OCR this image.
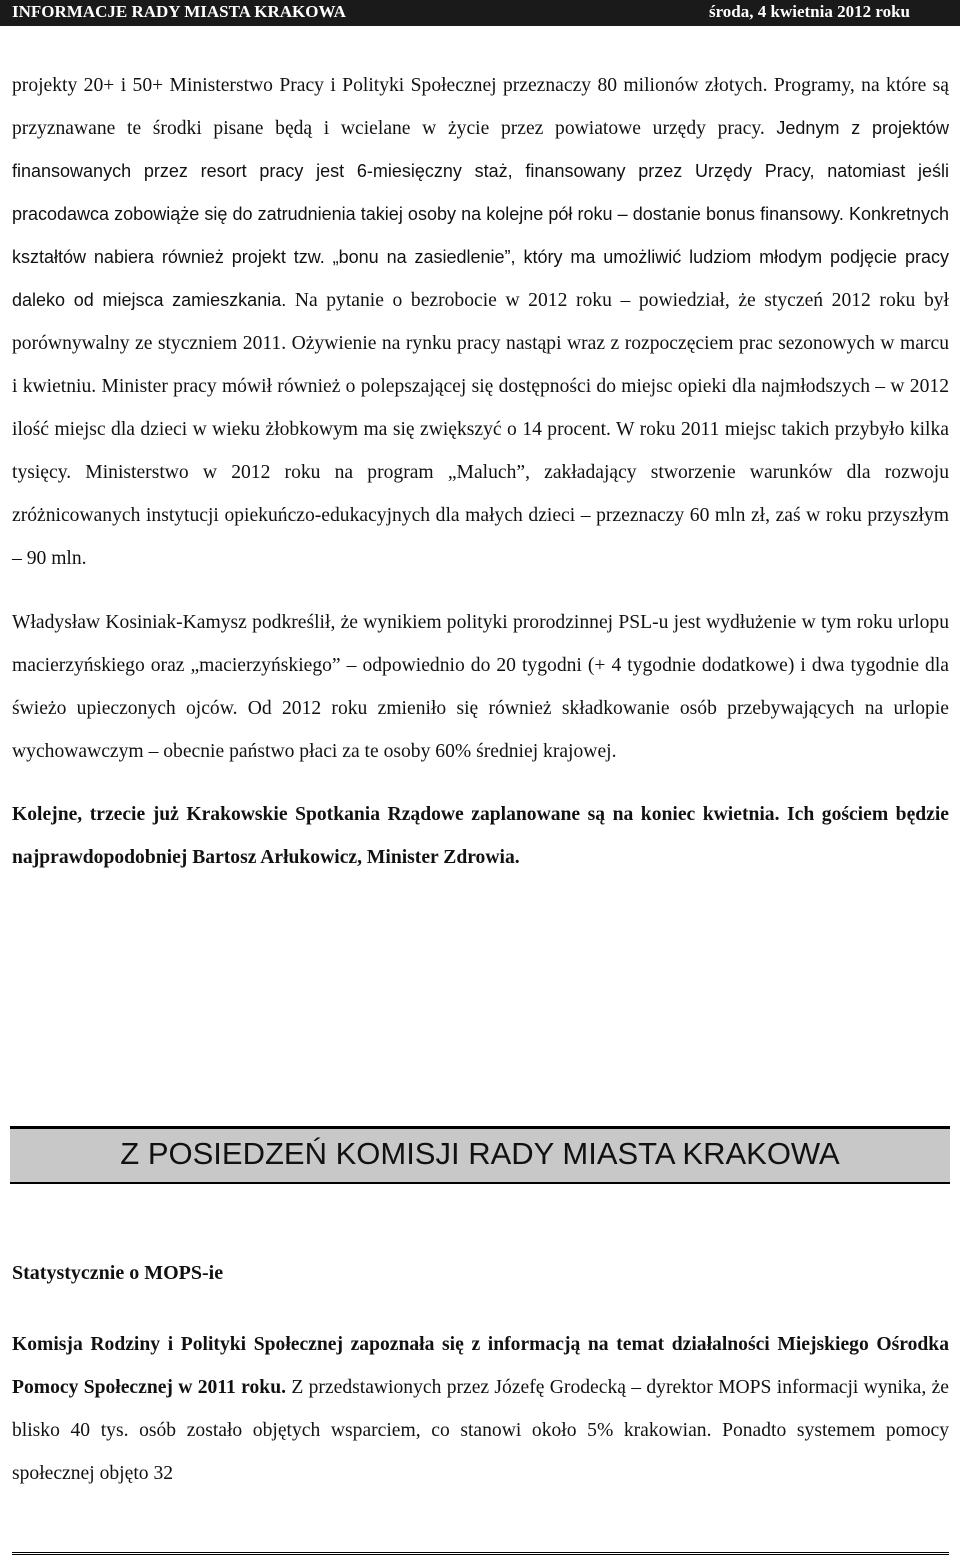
INFORMACJE RADY MIASTA KRAKOWA	środa, 4 kwietnia 2012 roku

projekty 20+ i 50+ Ministerstwo Pracy i Polityki Społecznej przeznaczy 80 milionów złotych. Programy, na które są przyznawane te środki pisane będą i wcielane w życie przez powiatowe urzędy pracy. Jednym z projektów finansowanych przez resort pracy jest 6-miesięczny staż, finansowany przez Urzędy Pracy, natomiast jeśli pracodawca zobowiąże się do zatrudnienia takiej osoby na kolejne pół roku – dostanie bonus finansowy. Konkretnych kształtów nabiera również projekt tzw. „bonu na zasiedlenie”, który ma umożliwić ludziom młodym podjęcie pracy daleko od miejsca zamieszkania. Na pytanie o bezrobocie w 2012 roku – powiedział, że styczeń 2012 roku był porównywalny ze styczniem 2011. Ożywienie na rynku pracy nastąpi wraz z rozpoczęciem prac sezonowych w marcu i kwietniu. Minister pracy mówił również o polepszającej się dostępności do miejsc opieki dla najmłodszych – w 2012 ilość miejsc dla dzieci w wieku żłobkowym ma się zwiększyć o 14 procent. W roku 2011 miejsc takich przybyło kilka tysięcy. Ministerstwo w 2012 roku na program „Maluch”, zakładający stworzenie warunków dla rozwoju zróżnicowanych instytucji opiekuńczo-edukacyjnych dla małych dzieci – przeznaczy 60 mln zł, zaś w roku przyszłym – 90 mln.

Władysław Kosiniak-Kamysz podkreślił, że wynikiem polityki prorodzinnej PSL-u jest wydłużenie w tym roku urlopu macierzyńskiego oraz „macierzyńskiego” – odpowiednio do 20 tygodni (+ 4 tygodnie dodatkowe) i dwa tygodnie dla świeżo upieczonych ojców. Od 2012 roku zmieniło się również składkowanie osób przebywających na urlopie wychowawczym – obecnie państwo płaci za te osoby 60% średniej krajowej.

Kolejne, trzecie już Krakowskie Spotkania Rządowe zaplanowane są na koniec kwietnia. Ich gościem będzie najprawdopodobniej Bartosz Arłukowicz, Minister Zdrowia.

Z POSIEDZEŃ KOMISJI RADY MIASTA KRAKOWA
Statystycznie o MOPS-ie

Komisja Rodziny i Polityki Społecznej zapoznała się z informacją na temat działalności Miejskiego Ośrodka Pomocy Społecznej w 2011 roku. Z przedstawionych przez Józefę Grodecką – dyrektor MOPS informacji wynika, że blisko 40 tys. osób zostało objętych wsparciem, co stanowi około 5% krakowian. Ponadto systemem pomocy społecznej objęto 32
